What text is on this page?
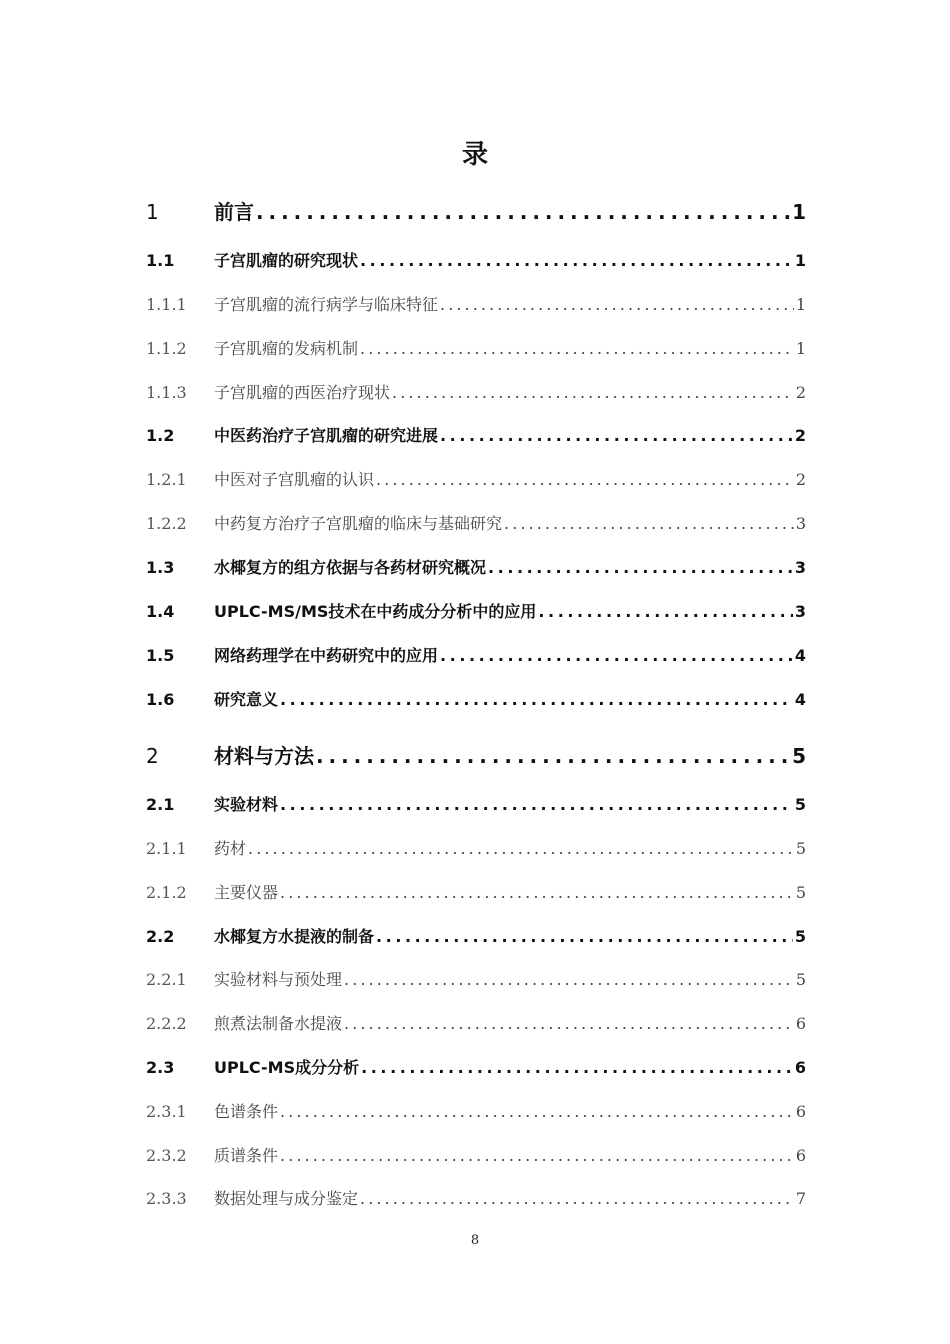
录
1	前言 . . .	1
1.1	子宫肌瘤的研究现状 . . .	1
1.1.1	子宫肌瘤的流行病学与临床特征 . . .	1
1.1.2	子宫肌瘤的发病机制 . . .	1
1.1.3	子宫肌瘤的西医治疗现状 . . .	2
1.2	中医药治疗子宫肌瘤的研究进展 . . .	2
1.2.1	中医对子宫肌瘤的认识 . . .	2
1.2.2	中药复方治疗子宫肌瘤的临床与基础研究 . . .	3
1.3	水椰复方的组方依据与各药材研究概况 . . .	3
1.4	UPLC-MS/MS技术在中药成分分析中的应用 . . .	3
1.5	网络药理学在中药研究中的应用 . . .	4
1.6	研究意义 . . .	4
2	材料与方法 . . .	5
2.1	实验材料 . . .	5
2.1.1	药材 . . .	5
2.1.2	主要仪器 . . .	5
2.2	水椰复方水提液的制备 . . .	5
2.2.1	实验材料与预处理 . . .	5
2.2.2	煎煮法制备水提液 . . .	6
2.3	UPLC-MS成分分析 . . .	6
2.3.1	色谱条件 . . .	6
2.3.2	质谱条件 . . .	6
2.3.3	数据处理与成分鉴定 . . .	7
8
